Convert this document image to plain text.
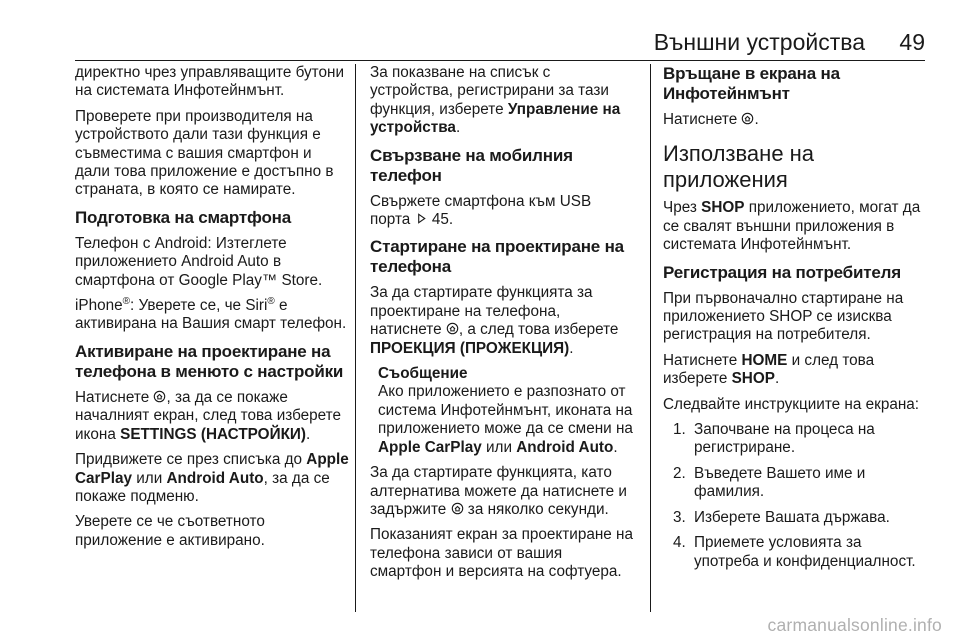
Външни устройства 49

директно чрез управляващите бутони на системата Инфотейнмънт.

Проверете при производителя на устройството дали тази функция е съвместима с вашия смартфон и дали това приложение е достъпно в страната, в която се намирате.

Подготовка на смартфона

Телефон с Android: Изтеглете приложението Android Auto в смартфона от Google Play™ Store.

iPhone®: Уверете се, че Siri® е активирана на Вашия смарт телефон.

Активиране на проектиране на телефона в менюто с настройки

Натиснете
, за да се покаже началният екран, след това изберете икона SETTINGS (НАСТРОЙКИ).

Придвижете се през списъка до Apple CarPlay или Android Auto, за да се покаже подменю.

Уверете се че съответното приложение е активирано.

За показване на списък с устройства, регистрирани за тази функция, изберете Управление на устройства.

Свързване на мобилния телефон

Свържете смартфона към USB порта
45.

Стартиране на проектиране на телефона

За да стартирате функцията за проектиране на телефона, натиснете
, а след това изберете ПРОЕКЦИЯ (ПРОЖЕКЦИЯ).

Съобщение

Ако приложението е разпознато от система Инфотейнмънт, иконата на приложението може да се смени на Apple CarPlay или Android Auto.

За да стартирате функцията, като алтернатива можете да натиснете и задържите
за няколко секунди.

Показаният екран за проектиране на телефона зависи от вашия смартфон и версията на софтуера.

Връщане в екрана на Инфотейнмънт

Натиснете
.

Използване на приложения

Чрез SHOP приложението, могат да се свалят външни приложения в системата Инфотейнмънт.

Регистрация на потребителя

При първоначално стартиране на приложението SHOP се изисква регистрация на потребителя.

Натиснете HOME и след това изберете SHOP.

Следвайте инструкциите на екрана:

1. Започване на процеса на регистриране.
2. Въведете Вашето име и фамилия.
3. Изберете Вашата държава.
4. Приемете условията за употреба и конфиденциалност.
carmanualsonline.info
